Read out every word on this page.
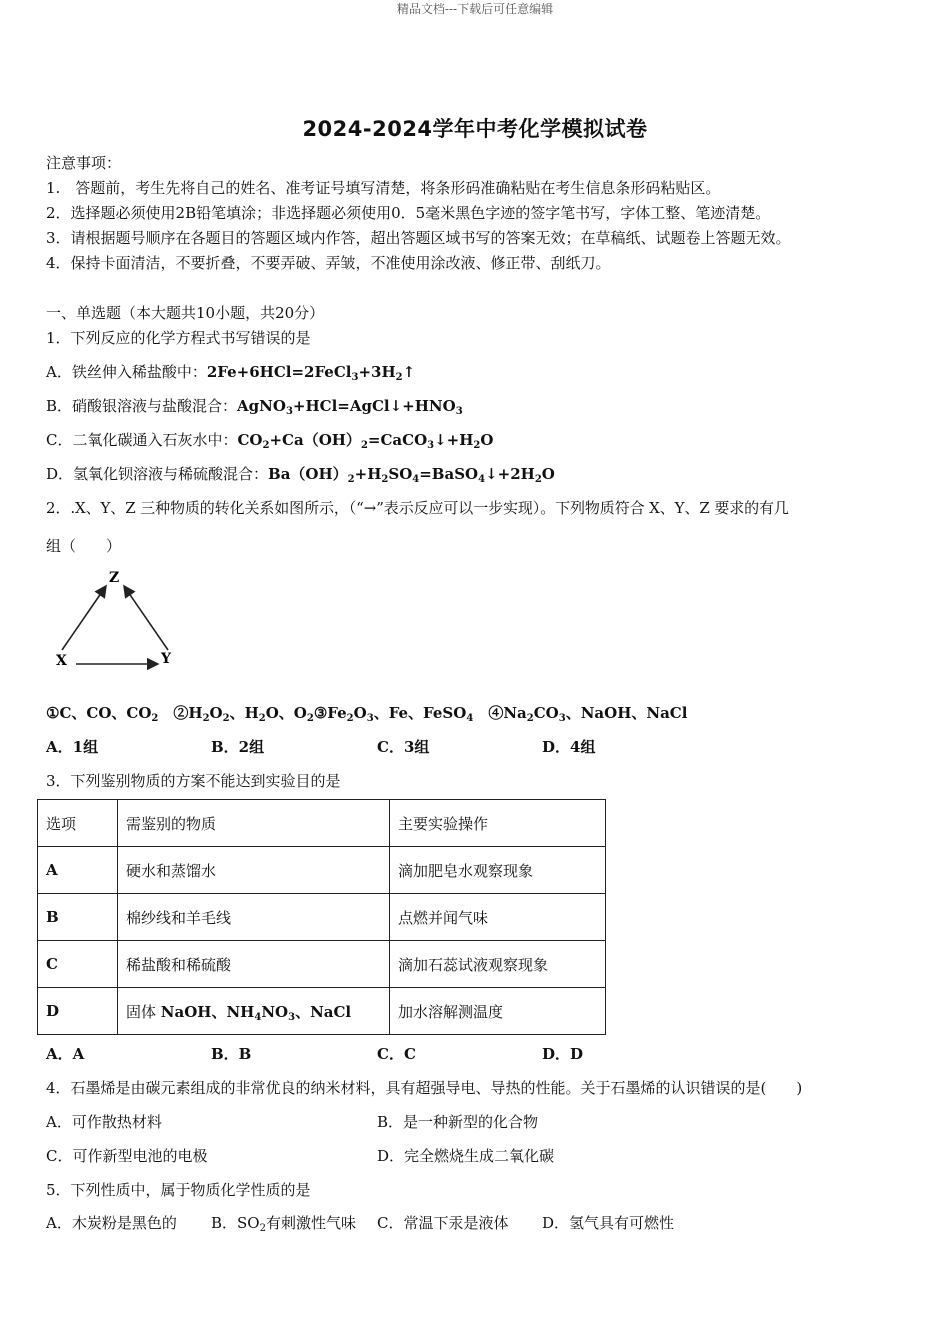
精品文档---下载后可任意编辑
2024-2024学年中考化学模拟试卷
注意事项：
1.　答题前，考生先将自己的姓名、准考证号填写清楚，将条形码准确粘贴在考生信息条形码粘贴区。
2．选择题必须使用2B铅笔填涂；非选择题必须使用0．5毫米黑色字迹的签字笔书写，字体工整、笔迹清楚。
3．请根据题号顺序在各题目的答题区域内作答，超出答题区域书写的答案无效；在草稿纸、试题卷上答题无效。
4．保持卡面清洁，不要折叠，不要弄破、弄皱，不准使用涂改液、修正带、刮纸刀。
一、单选题（本大题共10小题，共20分）
1．下列反应的化学方程式书写错误的是
A．铁丝伸入稀盐酸中：$2Fe+6HCl=2FeCl_3+3H_2↑$
B．硝酸银溶液与盐酸混合：$AgNO_3+HCl=AgCl↓+HNO_3$
C．二氧化碳通入石灰水中：$CO_2+Ca(OH)_2=CaCO_3↓+H_2O$
D．氢氧化钡溶液与稀硫酸混合：$Ba(OH)_2+H_2SO_4=BaSO_4↓+2H_2O$
2．.X、Y、Z 三种物质的转化关系如图所示，（“→”表示反应可以一步实现）。下列物质符合 X、Y、Z 要求的有几
组（　　）
Z
X	Y
①C、CO、$CO_2$　$②H_2O_2$、$H_2O$、$O_2③Fe_2O_3$、Fe、FeSO$_4$　$④Na_2CO_3$、NaOH、NaCl
A．1组	B．2组	C．3组	D．4组
3．下列鉴别物质的方案不能达到实验目的是
选项	需鉴别的物质	主要实验操作
A	硬水和蒸馏水	滴加肥皂水观察现象
B	棉纱线和羊毛线	点燃并闻气味
C	稀盐酸和稀硫酸	滴加石蕊试液观察现象
D	固体 NaOH、$NH_4NO_3$、NaCl	加水溶解测温度
A．A	B．B	C．C	D．D
4．石墨烯是由碳元素组成的非常优良的纳米材料，具有超强导电、导热的性能。关于石墨烯的认识错误的是(　　)
A．可作散热材料	B．是一种新型的化合物
C．可作新型电池的电极	D．完全燃烧生成二氧化碳
5．下列性质中，属于物质化学性质的是
A．木炭粉是黑色的 B．$SO_2$有刺激性气味 C．常温下汞是液体 D．氢气具有可燃性
